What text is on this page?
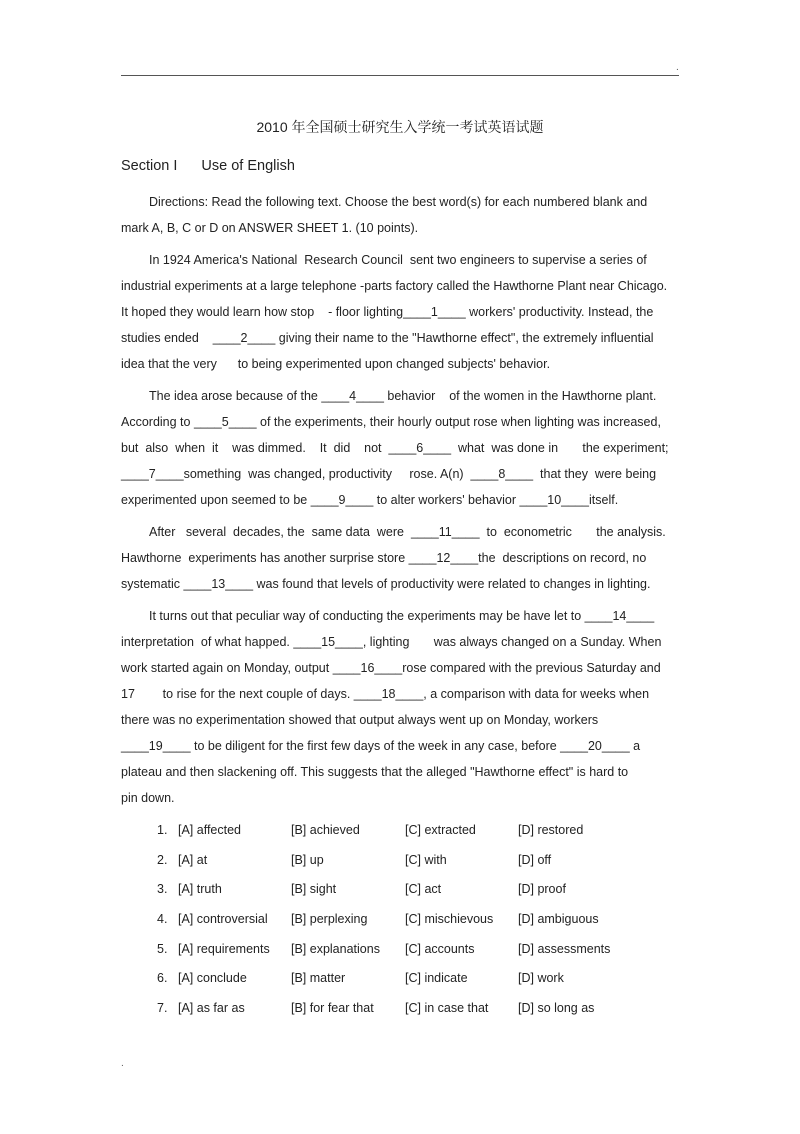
.
2010 年全国硕士研究生入学统一考试英语试题
Section I Use of English
Directions: Read the following text. Choose the best word(s) for each numbered blank and
mark A, B, C or D on ANSWER SHEET 1. (10 points).
In 1924 America's National  Research Council  sent two engineers to supervise a series of
industrial experiments at a large telephone -parts factory called the Hawthorne Plant near Chicago.
It hoped they would learn how stop    - floor lighting____1____ workers' productivity. Instead, the
studies ended    ____2____ giving their name to the "Hawthorne effect", the extremely influential
idea that the very      to being experimented upon changed subjects' behavior.
The idea arose because of the ____4____ behavior    of the women in the Hawthorne plant.
According to ____5____ of the experiments, their hourly output rose when lighting was increased,
but  also  when  it    was dimmed.    It  did    not  ____6____  what  was done in       the experiment;
____7____something  was changed, productivity     rose. A(n)  ____8____  that they  were being
experimented upon seemed to be ____9____ to alter workers' behavior ____10____itself.
After   several  decades, the  same data  were  ____11____  to  econometric       the analysis.
Hawthorne  experiments has another surprise store ____12____the  descriptions on record, no
systematic ____13____ was found that levels of productivity were related to changes in lighting.
It turns out that peculiar way of conducting the experiments may be have let to ____14____
interpretation  of what happed. ____15____, lighting       was always changed on a Sunday. When
work started again on Monday, output ____16____rose compared with the previous Saturday and
17        to rise for the next couple of days. ____18____, a comparison with data for weeks when
there was no experimentation showed that output always went up on Monday, workers
____19____ to be diligent for the first few days of the week in any case, before ____20____ a
plateau and then slackening off. This suggests that the alleged "Hawthorne effect" is hard to
pin down.
1. [A] affected	[B] achieved	[C] extracted	[D] restored
2. [A] at	[B] up	[C] with	[D] off
3. [A] truth	[B] sight	[C] act	[D] proof
4. [A] controversial [B] perplexing	[C] mischievous [D] ambiguous
5. [A] requirements [B] explanations [C] accounts	[D] assessments
6. [A] conclude	[B] matter	[C] indicate	[D] work
7. [A] as far as	[B] for fear that	[C] in case that [D] so long as
.
